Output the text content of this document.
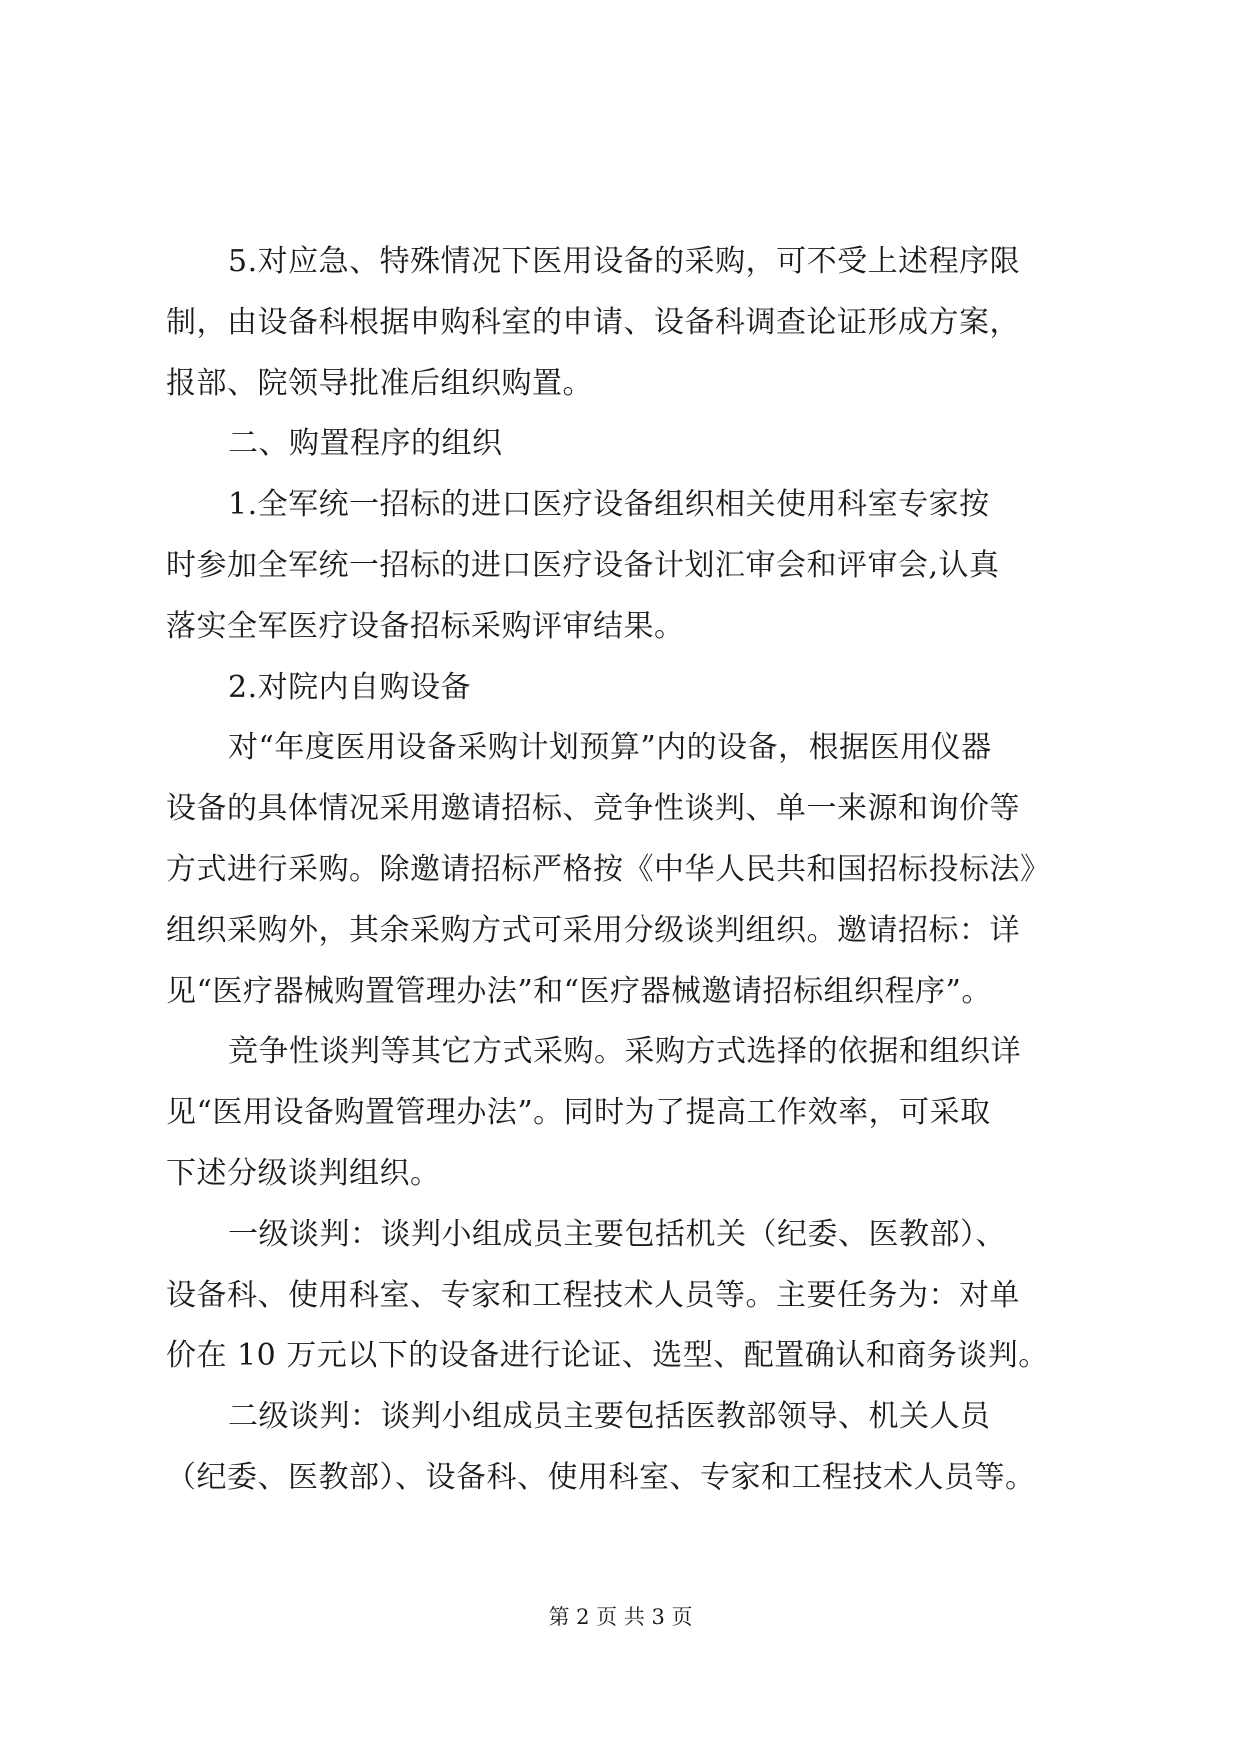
5.对应急、特殊情况下医用设备的采购，可不受上述程序限
制，由设备科根据申购科室的申请、设备科调查论证形成方案，
报部、院领导批准后组织购置。
二、购置程序的组织
1.全军统一招标的进口医疗设备组织相关使用科室专家按
时参加全军统一招标的进口医疗设备计划汇审会和评审会,认真
落实全军医疗设备招标采购评审结果。
2.对院内自购设备
对“年度医用设备采购计划预算”内的设备，根据医用仪器
设备的具体情况采用邀请招标、竞争性谈判、单一来源和询价等
方式进行采购。除邀请招标严格按《中华人民共和国招标投标法》
组织采购外，其余采购方式可采用分级谈判组织。邀请招标：详
见“医疗器械购置管理办法”和“医疗器械邀请招标组织程序”。
竞争性谈判等其它方式采购。采购方式选择的依据和组织详
见“医用设备购置管理办法”。同时为了提高工作效率，可采取
下述分级谈判组织。
一级谈判：谈判小组成员主要包括机关（纪委、医教部）、
设备科、使用科室、专家和工程技术人员等。主要任务为：对单
价在 10 万元以下的设备进行论证、选型、配置确认和商务谈判。
二级谈判：谈判小组成员主要包括医教部领导、机关人员
（纪委、医教部）、设备科、使用科室、专家和工程技术人员等。
第 2 页 共 3 页
